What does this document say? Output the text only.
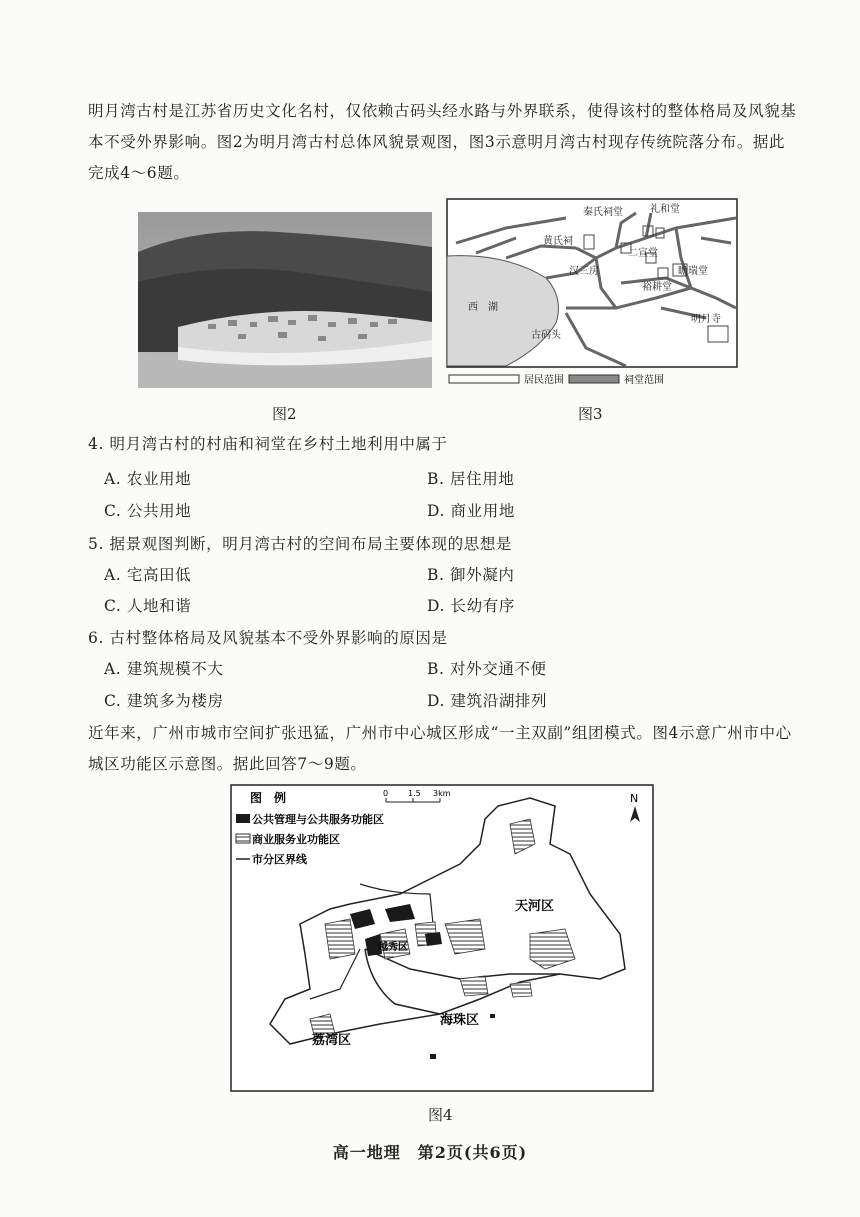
明月湾古村是江苏省历史文化名村，仅依赖古码头经水路与外界联系，使得该村的整体格局及风貌基本不受外界影响。图2为明月湾古村总体风貌景观图，图3示意明月湾古村现存传统院落分布。据此完成4～6题。
图2
秦氏祠堂	礼和堂
黄氏祠
二宣堂
汉三房	瞻瑞堂
裕耕堂
西　湖
古码头
明月寺
居民范围	祠堂范围
图3
4. 明月湾古村的村庙和祠堂在乡村土地利用中属于
A. 农业用地	B. 居住用地
C. 公共用地	D. 商业用地
5. 据景观图判断，明月湾古村的空间布局主要体现的思想是
A. 宅高田低	B. 御外凝内
C. 人地和谐	D. 长幼有序
6. 古村整体格局及风貌基本不受外界影响的原因是
A. 建筑规模不大	B. 对外交通不便
C. 建筑多为楼房	D. 建筑沿湖排列
近年来，广州市城市空间扩张迅猛，广州市中心城区形成“一主双副”组团模式。图4示意广州市中心城区功能区示意图。据此回答7～9题。
图　例
公共管理与公共服务功能区
商业服务业功能区
市分区界线
0 1.5 3km	N
天河区
越秀区
海珠区
荔湾区
图4
高一地理　第2页(共6页)
